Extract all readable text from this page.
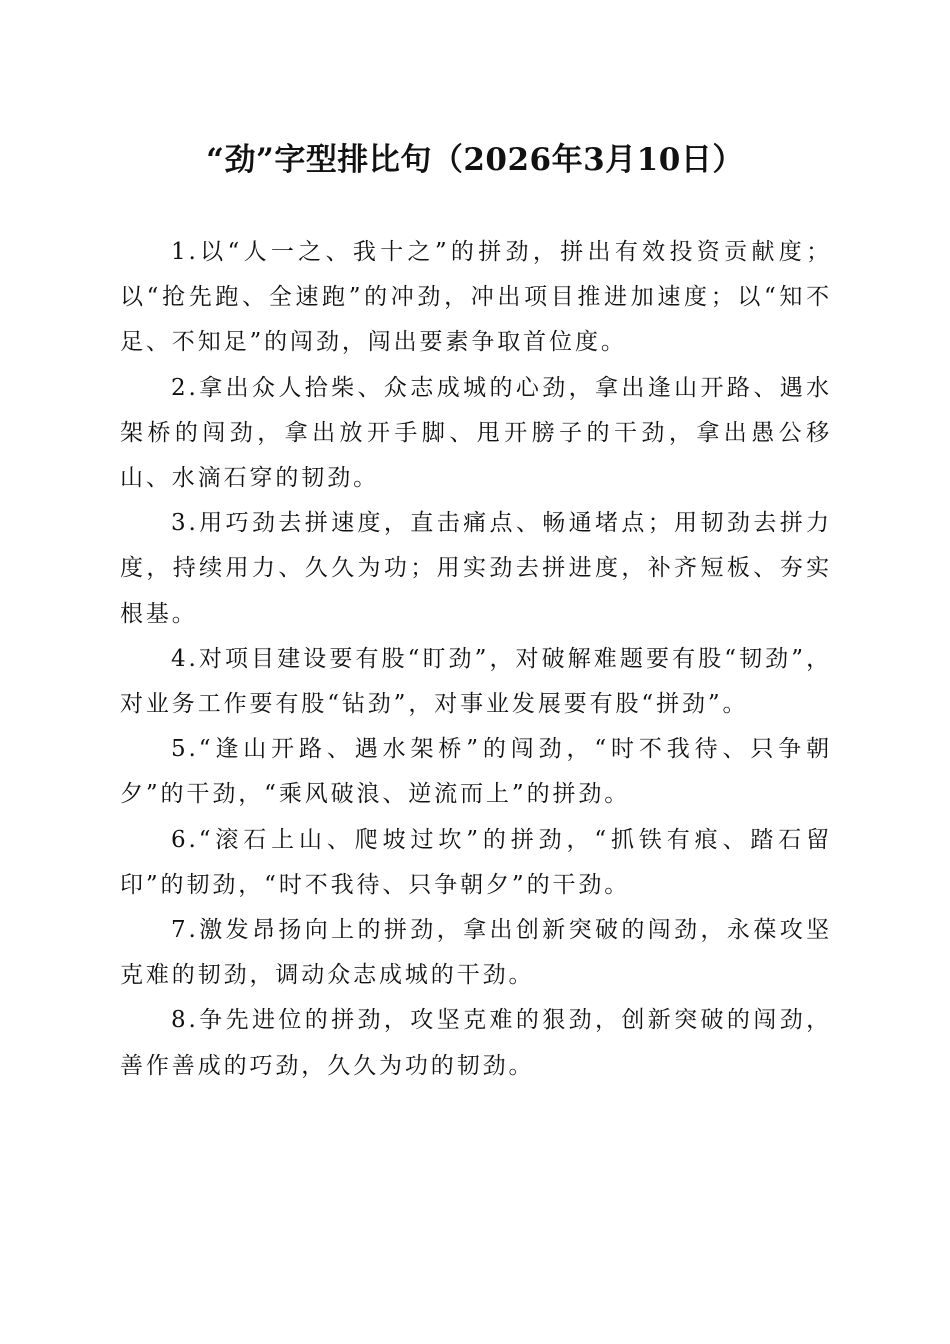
“劲”字型排比句（2026年3月10日）

1.以“人一之、我十之”的拼劲，拼出有效投资贡献度；以“抢先跑、全速跑”的冲劲，冲出项目推进加速度；以“知不足、不知足”的闯劲，闯出要素争取首位度。

2.拿出众人拾柴、众志成城的心劲，拿出逢山开路、遇水架桥的闯劲，拿出放开手脚、甩开膀子的干劲，拿出愚公移山、水滴石穿的韧劲。

3.用巧劲去拼速度，直击痛点、畅通堵点；用韧劲去拼力度，持续用力、久久为功；用实劲去拼进度，补齐短板、夯实根基。

4.对项目建设要有股“盯劲”，对破解难题要有股“韧劲”，对业务工作要有股“钻劲”，对事业发展要有股“拼劲”。

5.“逢山开路、遇水架桥”的闯劲，“时不我待、只争朝夕”的干劲，“乘风破浪、逆流而上”的拼劲。

6.“滚石上山、爬坡过坎”的拼劲，“抓铁有痕、踏石留印”的韧劲，“时不我待、只争朝夕”的干劲。

7.激发昂扬向上的拼劲，拿出创新突破的闯劲，永葆攻坚克难的韧劲，调动众志成城的干劲。

8.争先进位的拼劲，攻坚克难的狠劲，创新突破的闯劲，善作善成的巧劲，久久为功的韧劲。
